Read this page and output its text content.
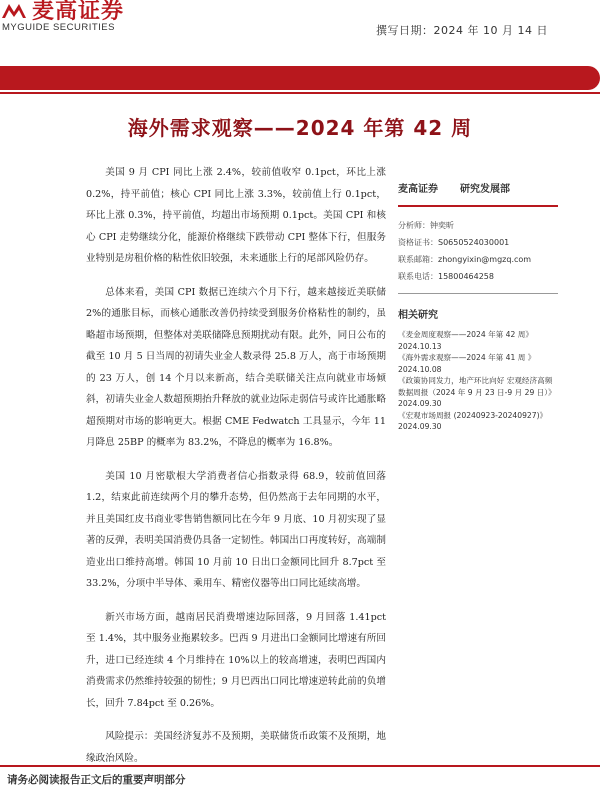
麦高证券
MYGUIDE SECURITIES	撰写日期：2024 年 10 月 14 日
海外需求观察——2024 年第 42 周

美国 9 月 CPI 同比上涨 2.4%，较前值收窄 0.1pct，环比上涨 0.2%，持平前值；核心 CPI 同比上涨 3.3%，较前值上行 0.1pct，环比上涨 0.3%，持平前值，均超出市场预期 0.1pct。美国 CPI 和核心 CPI 走势继续分化，能源价格继续下跌带动 CPI 整体下行，但服务业特别是房租价格的粘性依旧较强，未来通胀上行的尾部风险仍存。

总体来看，美国 CPI 数据已连续六个月下行，越来越接近美联储 2%的通胀目标，而核心通胀改善仍持续受到服务价格粘性的制约，虽略超市场预期，但整体对美联储降息预期扰动有限。此外，同日公布的截至 10 月 5 日当周的初请失业金人数录得 25.8 万人，高于市场预期的 23 万人，创 14 个月以来新高，结合美联储关注点向就业市场倾斜，初请失业金人数超预期抬升释放的就业边际走弱信号或许比通胀略超预期对市场的影响更大。根据 CME Fedwatch 工具显示，今年 11 月降息 25BP 的概率为 83.2%，不降息的概率为 16.8%。

美国 10 月密歇根大学消费者信心指数录得 68.9，较前值回落 1.2，结束此前连续两个月的攀升态势，但仍然高于去年同期的水平，并且美国红皮书商业零售销售额同比在今年 9 月底、10 月初实现了显著的反弹，表明美国消费仍具备一定韧性。韩国出口再度转好，高端制造业出口维持高增。韩国 10 月前 10 日出口金额同比回升 8.7pct 至 33.2%，分项中半导体、乘用车、精密仪器等出口同比延续高增。

新兴市场方面，越南居民消费增速边际回落，9 月回落 1.41pct 至 1.4%，其中服务业拖累较多。巴西 9 月进出口金额同比增速有所回升，进口已经连续 4 个月维持在 10%以上的较高增速，表明巴西国内消费需求仍然维持较强的韧性；9 月巴西出口同比增速逆转此前的负增长，回升 7.84pct 至 0.26%。

风险提示：美国经济复苏不及预期，美联储货币政策不及预期，地缘政治风险。

麦高证券 研究发展部
分析师：钟奕昕
资格证书：S0650524030001
联系邮箱：zhongyixin@mgzq.com
联系电话：15800464258
相关研究
《麦金周度观察——2024 年第 42 周》
2024.10.13
《海外需求观察——2024 年第 41 周 》
2024.10.08
《政策协同发力，地产环比向好 宏观经济高频数据周报（2024 年 9 月 23 日-9 月 29 日）》
2024.09.30
《宏观市场周报 (20240923-20240927)》
2024.09.30
请务必阅读报告正文后的重要声明部分
